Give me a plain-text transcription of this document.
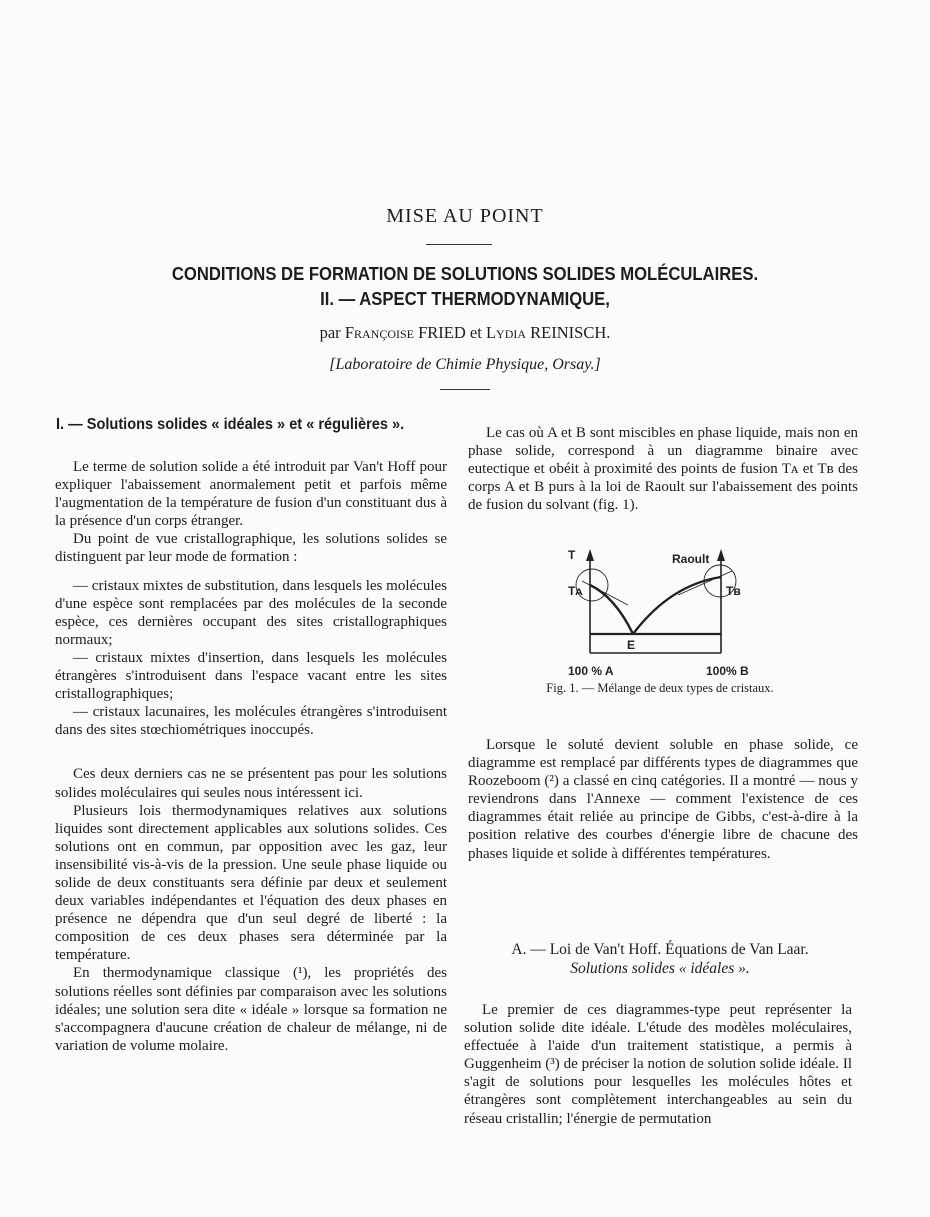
MISE AU POINT
CONDITIONS DE FORMATION DE SOLUTIONS SOLIDES MOLÉCULAIRES.
II. — ASPECT THERMODYNAMIQUE,
par Françoise FRIED et Lydia REINISCH.
[Laboratoire de Chimie Physique, Orsay.]
I. — Solutions solides « idéales » et « régulières ».

Le terme de solution solide a été introduit par Van't Hoff pour expliquer l'abaissement anormalement petit et parfois même l'augmentation de la température de fusion d'un constituant dus à la présence d'un corps étranger.

Du point de vue cristallographique, les solutions solides se distinguent par leur mode de formation :

— cristaux mixtes de substitution, dans lesquels les molécules d'une espèce sont remplacées par des molécules de la seconde espèce, ces dernières occupant des sites cristallographiques normaux;

— cristaux mixtes d'insertion, dans lesquels les molécules étrangères s'introduisent dans l'espace vacant entre les sites cristallographiques;

— cristaux lacunaires, les molécules étrangères s'introduisent dans des sites stœchiométriques inoccupés.

Ces deux derniers cas ne se présentent pas pour les solutions solides moléculaires qui seules nous intéressent ici.

Plusieurs lois thermodynamiques relatives aux solutions liquides sont directement applicables aux solutions solides. Ces solutions ont en commun, par opposition avec les gaz, leur insensibilité vis-à-vis de la pression. Une seule phase liquide ou solide de deux constituants sera définie par deux et seulement deux variables indépendantes et l'équation des deux phases en présence ne dépendra que d'un seul degré de liberté : la composition de ces deux phases sera déterminée par la température.

En thermodynamique classique (¹), les propriétés des solutions réelles sont définies par comparaison avec les solutions idéales; une solution sera dite « idéale » lorsque sa formation ne s'accompagnera d'aucune création de chaleur de mélange, ni de variation de volume molaire.

Le cas où A et B sont miscibles en phase liquide, mais non en phase solide, correspond à un diagramme binaire avec eutectique et obéit à proximité des points de fusion Tᴀ et Tʙ des corps A et B purs à la loi de Raoult sur l'abaissement des points de fusion du solvant (fig. 1).

T
Tᴀ	Tʙ
Raoult
E
100 % A	100% B
Fig. 1. — Mélange de deux types de cristaux.

Lorsque le soluté devient soluble en phase solide, ce diagramme est remplacé par différents types de diagrammes que Roozeboom (²) a classé en cinq catégories. Il a montré — nous y reviendrons dans l'Annexe — comment l'existence de ces diagrammes était reliée au principe de Gibbs, c'est-à-dire à la position relative des courbes d'énergie libre de chacune des phases liquide et solide à différentes températures.

A. — Loi de Van't Hoff. Équations de Van Laar.
Solutions solides « idéales ».

Le premier de ces diagrammes-type peut représenter la solution solide dite idéale. L'étude des modèles moléculaires, effectuée à l'aide d'un traitement statistique, a permis à Guggenheim (³) de préciser la notion de solution solide idéale. Il s'agit de solutions pour lesquelles les molécules hôtes et étrangères sont complètement interchangeables au sein du réseau cristallin; l'énergie de permutation
